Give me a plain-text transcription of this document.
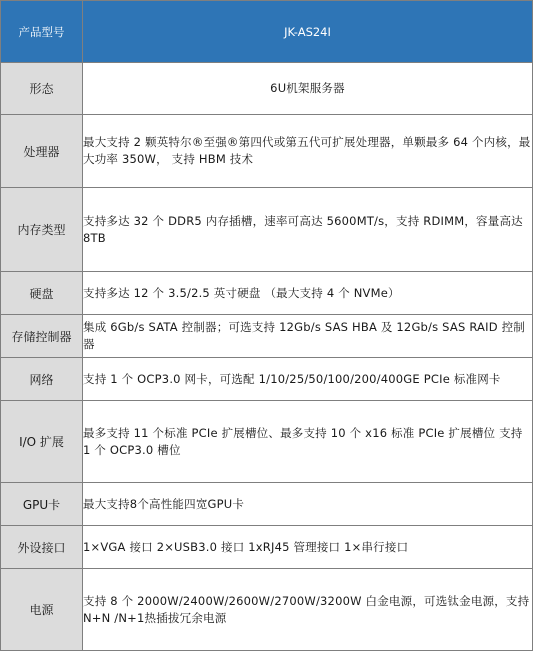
产品型号	JK-AS24I
形态	6U机架服务器
处理器	最大支持 2 颗英特尔®至强®第四代或第五代可扩展处理器，单颗最多 64 个内核，最大功率 350W， 支持 HBM 技术
内存类型	支持多达 32 个 DDR5 内存插槽，速率可高达 5600MT/s，支持 RDIMM，容量高达 8TB
硬盘	支持多达 12 个 3.5/2.5 英寸硬盘 （最大支持 4 个 NVMe）
存储控制器	集成 6Gb/s SATA 控制器；可选支持 12Gb/s SAS HBA 及 12Gb/s SAS RAID 控制器
网络	支持 1 个 OCP3.0 网卡，可选配 1/10/25/50/100/200/400GE PCIe 标准网卡
I/O 扩展	最多支持 11 个标准 PCIe 扩展槽位、最多支持 10 个 x16 标准 PCIe 扩展槽位 支持 1 个 OCP3.0 槽位
GPU卡	最大支持8个高性能四宽GPU卡
外设接口	1×VGA 接口 2×USB3.0 接口 1xRJ45 管理接口 1×串行接口
电源	支持 8 个 2000W/2400W/2600W/2700W/3200W 白金电源，可选钛金电源，支持 N+N /N+1热插拔冗余电源
